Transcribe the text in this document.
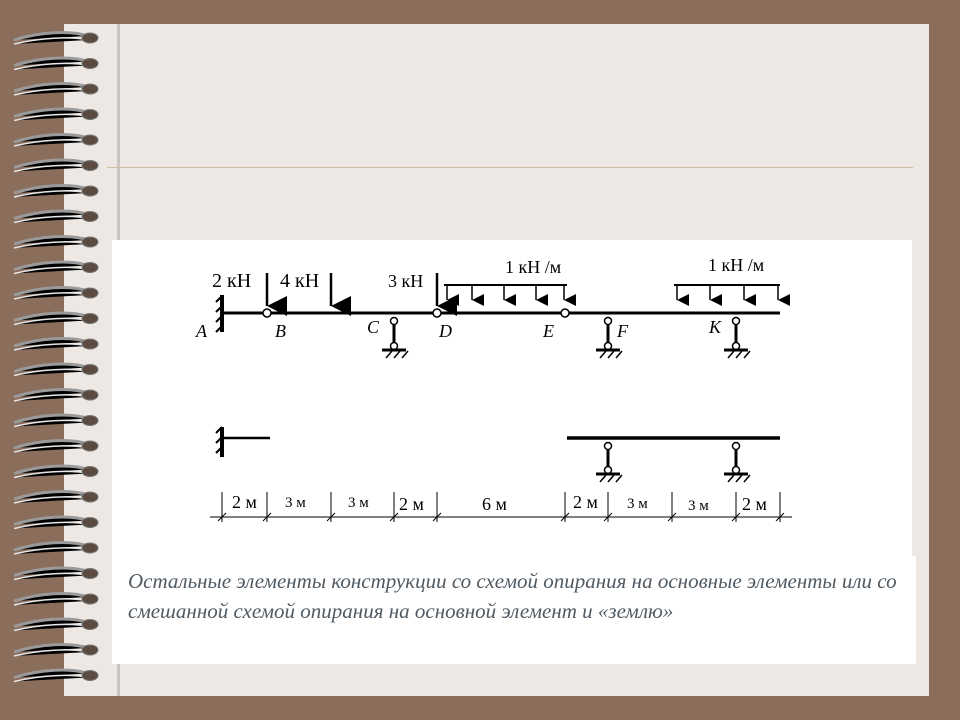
2 кН 4 кН	3 кН
1 кН /м	1 кН /м
A	B	C	D	E	F	K
2 м 3 м	3 м 2 м	6 м	2 м 3 м	3 м 2 м
Остальные элементы конструкции со схемой опирания на основные элементы или со смешанной схемой опирания на основной элемент и «землю»
